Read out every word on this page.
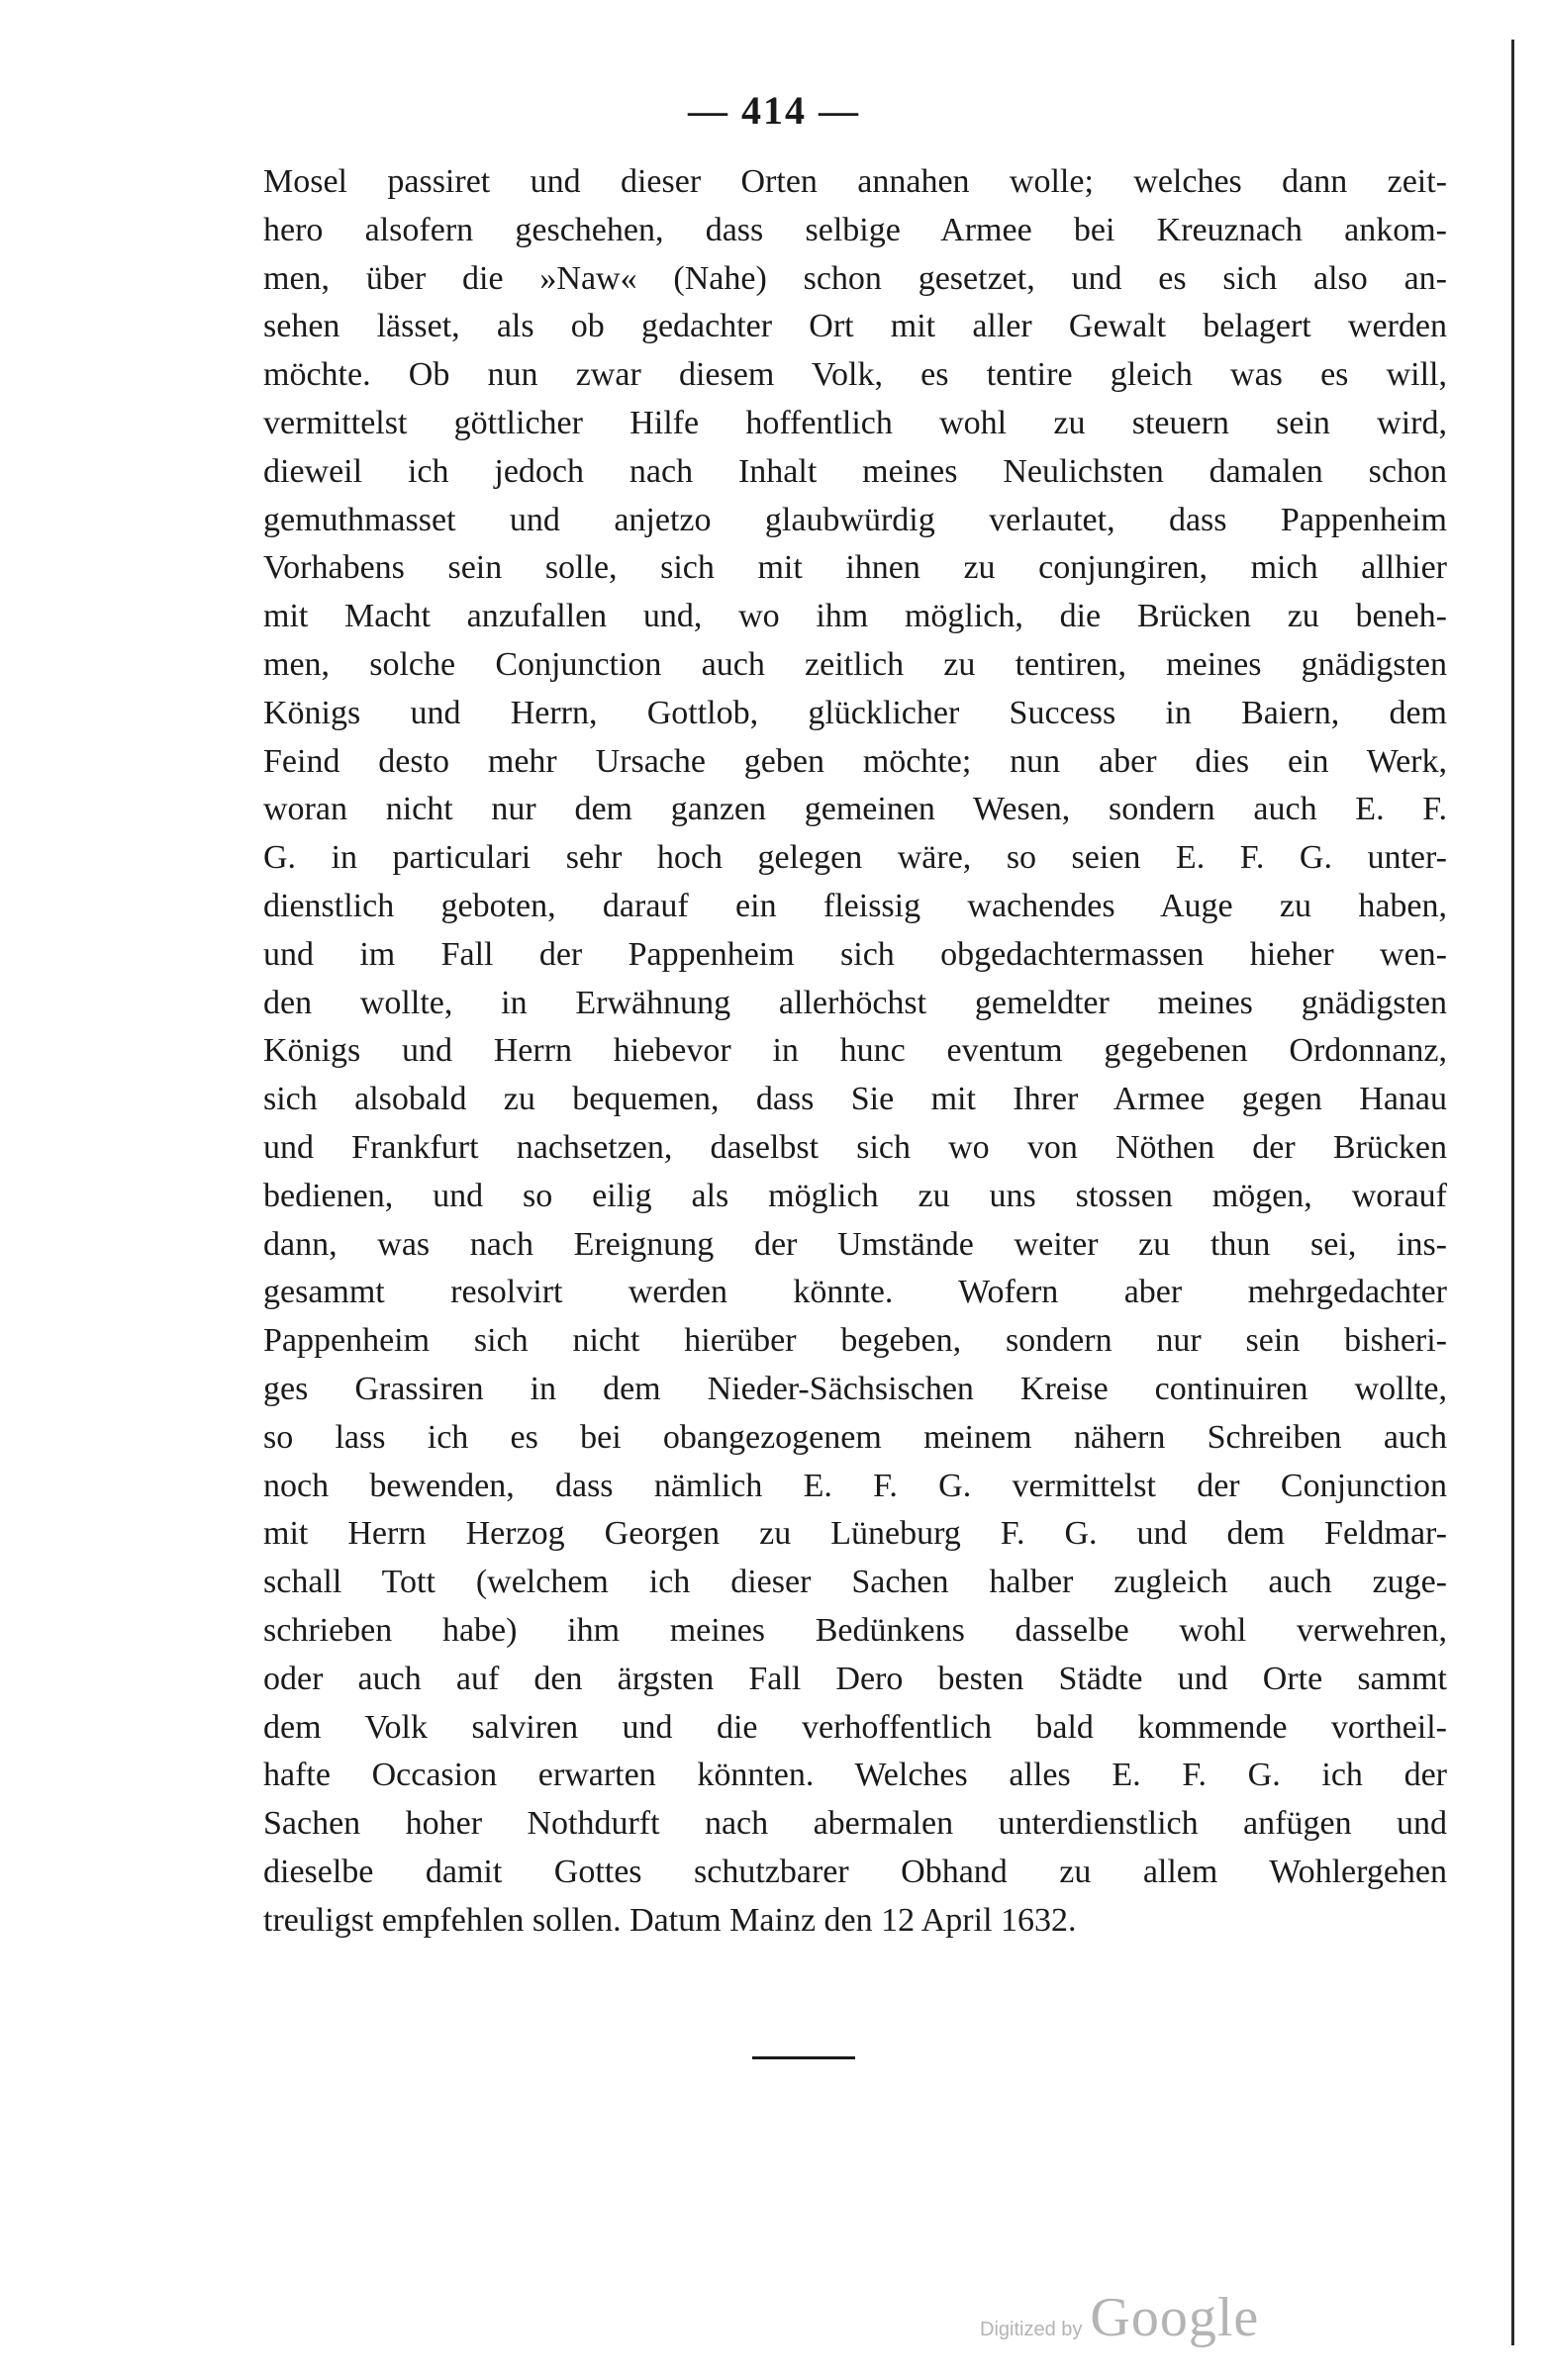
— 414 —
Mosel passiret und dieser Orten annahen wolle; welches dann zeit-
hero alsofern geschehen, dass selbige Armee bei Kreuznach ankom-
men, über die »Naw« (Nahe) schon gesetzet, und es sich also an-
sehen lässet, als ob gedachter Ort mit aller Gewalt belagert werden
möchte. Ob nun zwar diesem Volk, es tentire gleich was es will,
vermittelst göttlicher Hilfe hoffentlich wohl zu steuern sein wird,
dieweil ich jedoch nach Inhalt meines Neulichsten damalen schon
gemuthmasset und anjetzo glaubwürdig verlautet, dass Pappenheim
Vorhabens sein solle, sich mit ihnen zu conjungiren, mich allhier
mit Macht anzufallen und, wo ihm möglich, die Brücken zu beneh-
men, solche Conjunction auch zeitlich zu tentiren, meines gnädigsten
Königs und Herrn, Gottlob, glücklicher Success in Baiern, dem
Feind desto mehr Ursache geben möchte; nun aber dies ein Werk,
woran nicht nur dem ganzen gemeinen Wesen, sondern auch E. F.
G. in particulari sehr hoch gelegen wäre, so seien E. F. G. unter-
dienstlich geboten, darauf ein fleissig wachendes Auge zu haben,
und im Fall der Pappenheim sich obgedachtermassen hieher wen-
den wollte, in Erwähnung allerhöchst gemeldter meines gnädigsten
Königs und Herrn hiebevor in hunc eventum gegebenen Ordonnanz,
sich alsobald zu bequemen, dass Sie mit Ihrer Armee gegen Hanau
und Frankfurt nachsetzen, daselbst sich wo von Nöthen der Brücken
bedienen, und so eilig als möglich zu uns stossen mögen, worauf
dann, was nach Ereignung der Umstände weiter zu thun sei, ins-
gesammt resolvirt werden könnte. Wofern aber mehrgedachter
Pappenheim sich nicht hierüber begeben, sondern nur sein bisheri-
ges Grassiren in dem Nieder-Sächsischen Kreise continuiren wollte,
so lass ich es bei obangezogenem meinem nähern Schreiben auch
noch bewenden, dass nämlich E. F. G. vermittelst der Conjunction
mit Herrn Herzog Georgen zu Lüneburg F. G. und dem Feldmar-
schall Tott (welchem ich dieser Sachen halber zugleich auch zuge-
schrieben habe) ihm meines Bedünkens dasselbe wohl verwehren,
oder auch auf den ärgsten Fall Dero besten Städte und Orte sammt
dem Volk salviren und die verhoffentlich bald kommende vortheil-
hafte Occasion erwarten könnten. Welches alles E. F. G. ich der
Sachen hoher Nothdurft nach abermalen unterdienstlich anfügen und
dieselbe damit Gottes schutzbarer Obhand zu allem Wohlergehen
treuligst empfehlen sollen. Datum Mainz den 12 April 1632.
Digitized by Google
